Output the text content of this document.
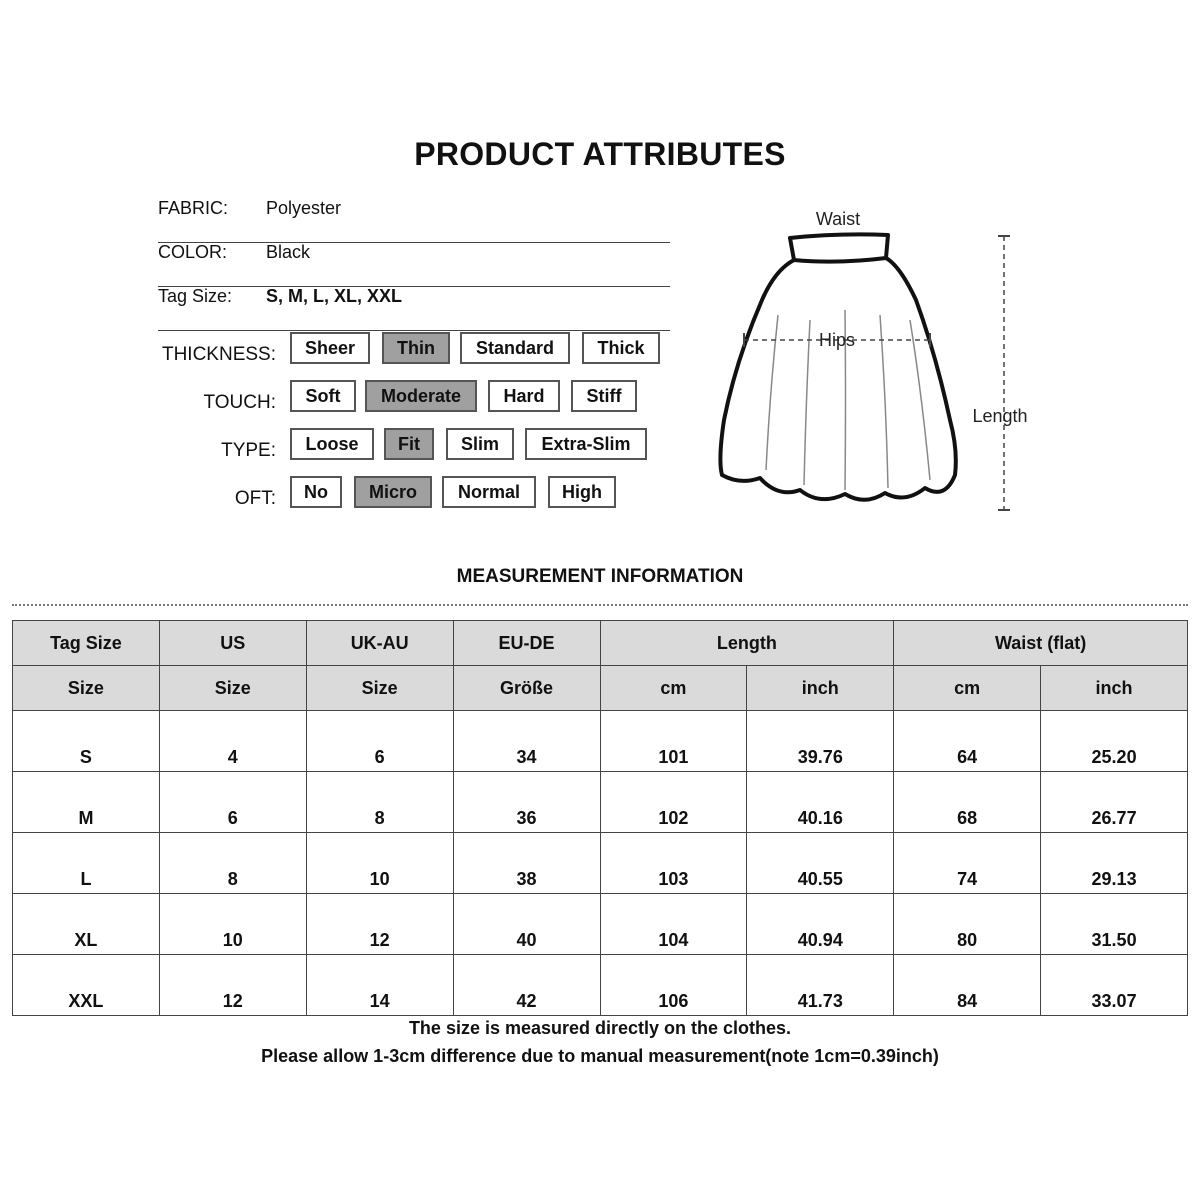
PRODUCT ATTRIBUTES
FABRIC: Polyester
COLOR: Black
Tag Size: S, M, L, XL, XXL
THICKNESS:	Sheer	Thin	Standard	Thick
TOUCH:	Soft	Moderate	Hard	Stiff
TYPE:	Loose	Fit	Slim	Extra-Slim
OFT:	No	Micro	Normal	High
Waist
Hips
Length
MEASUREMENT INFORMATION
Tag Size	US	UK-AU	EU-DE	Length		Waist (flat)	
Size	Size	Size	Größe	cm	inch	cm	inch
S	4	6	34	101	39.76	64	25.20
M	6	8	36	102	40.16	68	26.77
L	8	10	38	103	40.55	74	29.13
XL	10	12	40	104	40.94	80	31.50
XXL	12	14	42	106	41.73	84	33.07
The size is measured directly on the clothes.
Please allow 1-3cm difference due to manual measurement(note 1cm=0.39inch)
